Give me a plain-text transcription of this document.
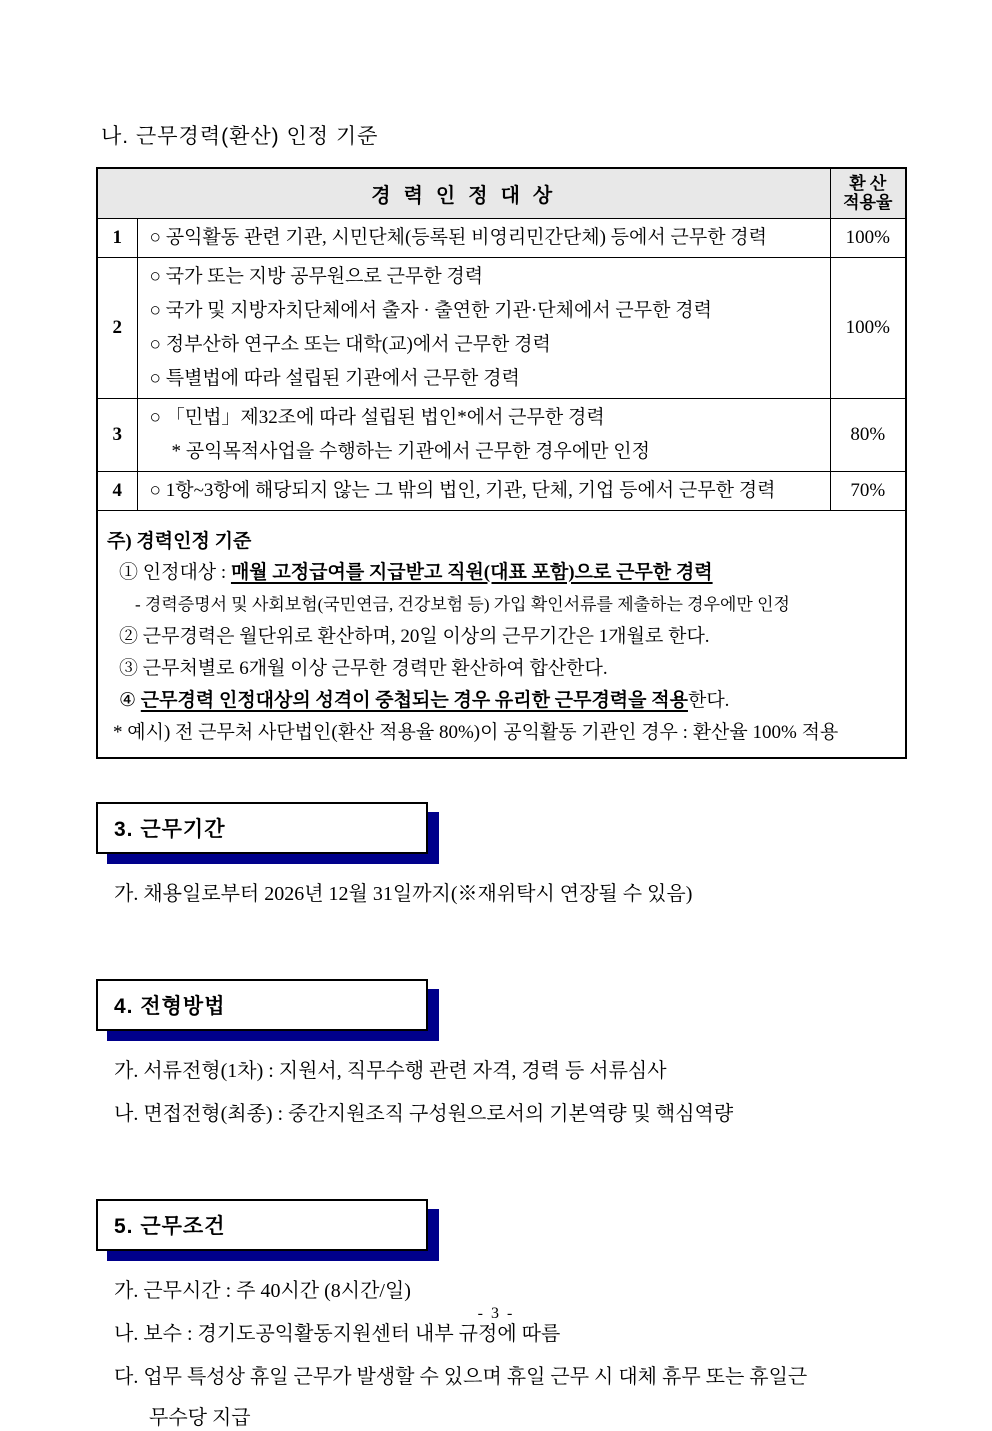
나. 근무경력(환산) 인정 기준
경 력 인 정 대 상		환 산
적용율

1	○ 공익활동 관련 기관, 시민단체(등록된 비영리민간단체) 등에서 근무한 경력	100%
2	○ 국가 또는 지방 공무원으로 근무한 경력
○ 국가 및 지방자치단체에서 출자 · 출연한 기관·단체에서 근무한 경력
○ 정부산하 연구소 또는 대학(교)에서 근무한 경력
○ 특별법에 따라 설립된 기관에서 근무한 경력	100%
3	○ 「민법」제32조에 따라 설립된 법인*에서 근무한 경력
* 공익목적사업을 수행하는 기관에서 근무한 경우에만 인정	80%
4	○ 1항~3항에 해당되지 않는 그 밖의 법인, 기관, 단체, 기업 등에서 근무한 경력	70%

주) 경력인정 기준
① 인정대상 : 매월 고정급여를 지급받고 직원(대표 포함)으로 근무한 경력
- 경력증명서 및 사회보험(국민연금, 건강보험 등) 가입 확인서류를 제출하는 경우에만 인정
② 근무경력은 월단위로 환산하며, 20일 이상의 근무기간은 1개월로 한다.
③ 근무처별로 6개월 이상 근무한 경력만 환산하여 합산한다.
④ 근무경력 인정대상의 성격이 중첩되는 경우 유리한 근무경력을 적용한다.
* 예시) 전 근무처 사단법인(환산 적용율 80%)이 공익활동 기관인 경우 : 환산율 100% 적용
3. 근무기간
가. 채용일로부터 2026년 12월 31일까지(※재위탁시 연장될 수 있음)
4. 전형방법
가. 서류전형(1차) : 지원서, 직무수행 관련 자격, 경력 등 서류심사
나. 면접전형(최종) : 중간지원조직 구성원으로서의 기본역량 및 핵심역량
5. 근무조건
가. 근무시간 : 주 40시간 (8시간/일)
나. 보수 : 경기도공익활동지원센터 내부 규정에 따름
다. 업무 특성상 휴일 근무가 발생할 수 있으며 휴일 근무 시 대체 휴무 또는 휴일근
무수당 지급
- 3 -
